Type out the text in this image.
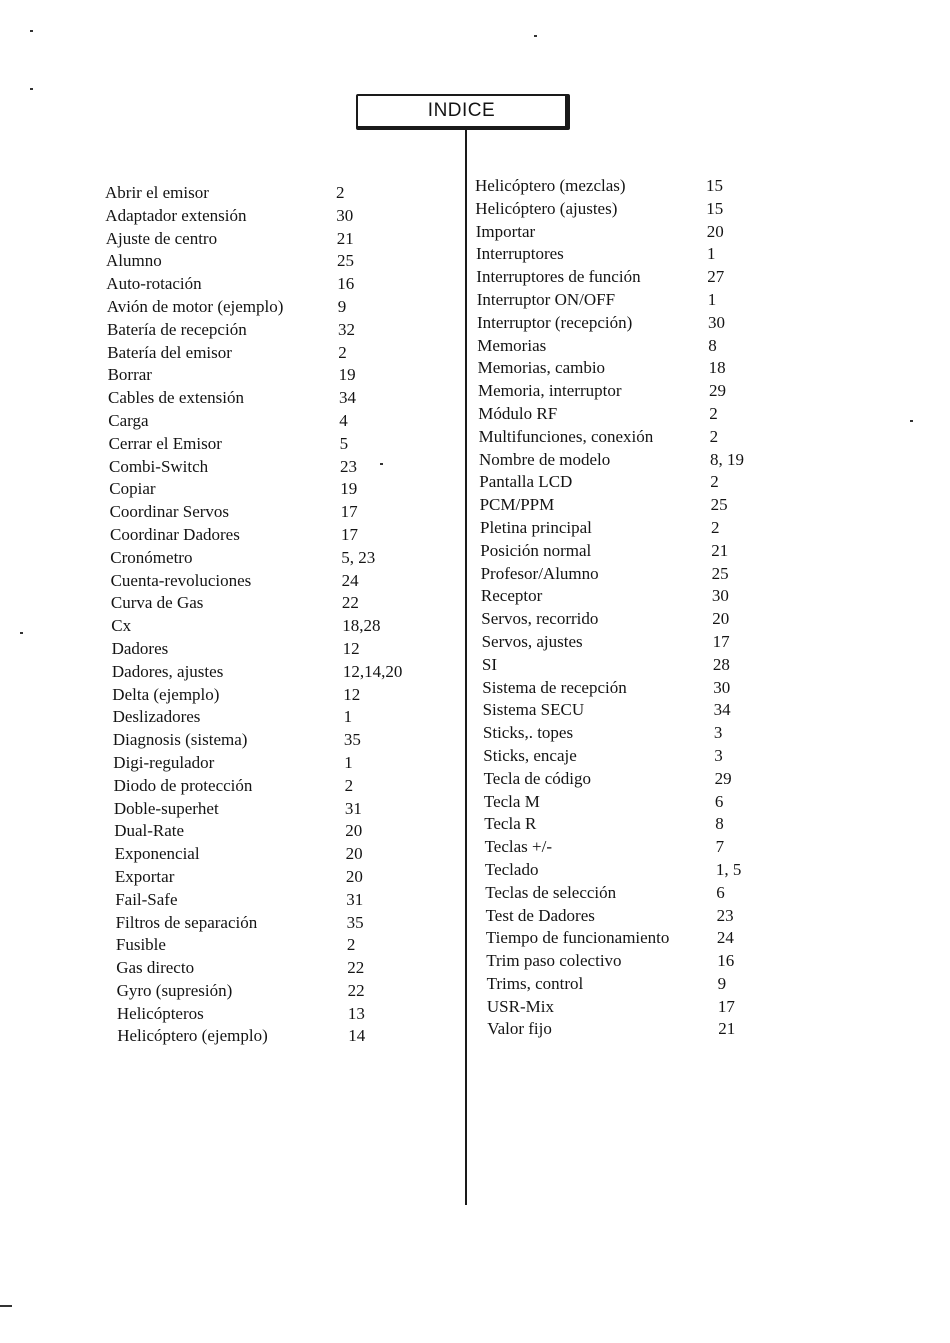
INDICE
Abrir el emisor	2
Adaptador extensión	30
Ajuste de centro	21
Alumno	25
Auto-rotación	16
Avión de motor (ejemplo)	9
Batería de recepción	32
Batería del emisor	2
Borrar	19
Cables de extensión	34
Carga	4
Cerrar el Emisor	5
Combi-Switch	23
Copiar	19
Coordinar Servos	17
Coordinar Dadores	17
Cronómetro	5, 23
Cuenta-revoluciones	24
Curva de Gas	22
Cx	18,28
Dadores	12
Dadores, ajustes	12,14,20
Delta (ejemplo)	12
Deslizadores	1
Diagnosis (sistema)	35
Digi-regulador	1
Diodo de protección	2
Doble-superhet	31
Dual-Rate	20
Exponencial	20
Exportar	20
Fail-Safe	31
Filtros de separación	35
Fusible	2
Gas directo	22
Gyro (supresión)	22
Helicópteros	13
Helicóptero (ejemplo)	14
Helicóptero (mezclas)	15
Helicóptero (ajustes)	15
Importar	20
Interruptores	1
Interruptores de función	27
Interruptor ON/OFF	1
Interruptor (recepción)	30
Memorias	8
Memorias, cambio	18
Memoria, interruptor	29
Módulo RF	2
Multifunciones, conexión	2
Nombre de modelo	8, 19
Pantalla LCD	2
PCM/PPM	25
Pletina principal	2
Posición normal	21
Profesor/Alumno	25
Receptor	30
Servos, recorrido	20
Servos, ajustes	17
SI	28
Sistema de recepción	30
Sistema SECU	34
Sticks,. topes	3
Sticks, encaje	3
Tecla de código	29
Tecla M	6
Tecla R	8
Teclas +/-	7
Teclado	1, 5
Teclas de selección	6
Test de Dadores	23
Tiempo de funcionamiento	24
Trim paso colectivo	16
Trims, control	9
USR-Mix	17
Valor fijo	21
